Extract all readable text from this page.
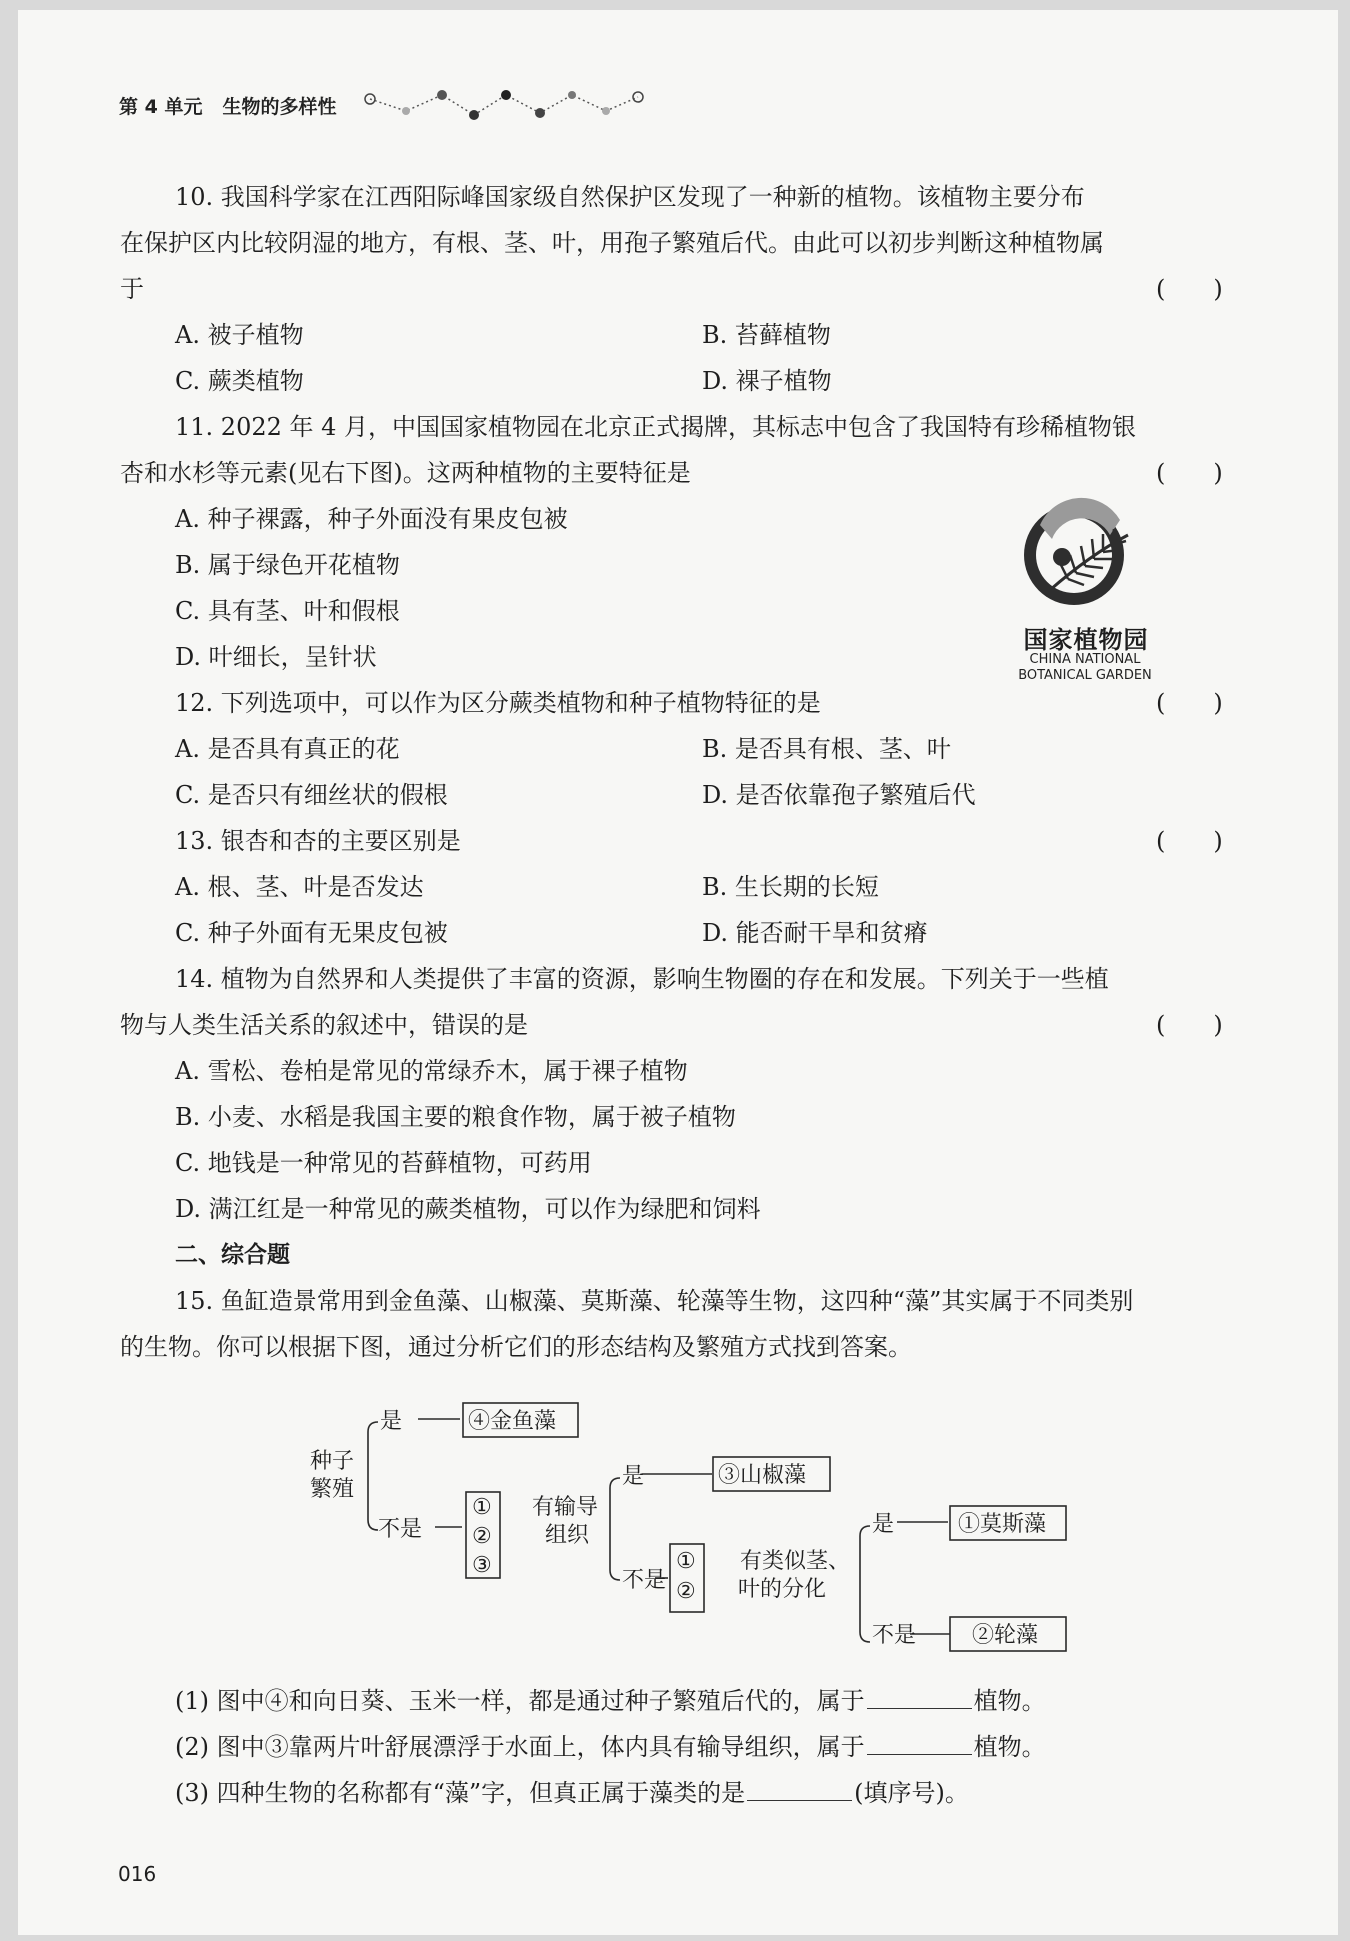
第 4 单元 生物的多样性
10. 我国科学家在江西阳际峰国家级自然保护区发现了一种新的植物。该植物主要分布
在保护区内比较阴湿的地方，有根、茎、叶，用孢子繁殖后代。由此可以初步判断这种植物属
于	(　　)
A. 被子植物	B. 苔藓植物
C. 蕨类植物	D. 裸子植物
11. 2022 年 4 月，中国国家植物园在北京正式揭牌，其标志中包含了我国特有珍稀植物银
杏和水杉等元素(见右下图)。这两种植物的主要特征是	(　　)
A. 种子裸露，种子外面没有果皮包被
B. 属于绿色开花植物
C. 具有茎、叶和假根
D. 叶细长，呈针状
国家植物园
CHINA NATIONAL
BOTANICAL GARDEN
12. 下列选项中，可以作为区分蕨类植物和种子植物特征的是	(　　)
A. 是否具有真正的花	B. 是否具有根、茎、叶
C. 是否只有细丝状的假根	D. 是否依靠孢子繁殖后代
13. 银杏和杏的主要区别是	(　　)
A. 根、茎、叶是否发达	B. 生长期的长短
C. 种子外面有无果皮包被	D. 能否耐干旱和贫瘠
14. 植物为自然界和人类提供了丰富的资源，影响生物圈的存在和发展。下列关于一些植
物与人类生活关系的叙述中，错误的是	(　　)
A. 雪松、卷柏是常见的常绿乔木，属于裸子植物
B. 小麦、水稻是我国主要的粮食作物，属于被子植物
C. 地钱是一种常见的苔藓植物，可药用
D. 满江红是一种常见的蕨类植物，可以作为绿肥和饲料
二、综合题
15. 鱼缸造景常用到金鱼藻、山椒藻、莫斯藻、轮藻等生物，这四种“藻”其实属于不同类别
的生物。你可以根据下图，通过分析它们的形态结构及繁殖方式找到答案。
种子
繁殖
是
不是
④金鱼藻
①
②
③
有输导
组织
是
不是
③山椒藻
①
②
有类似茎、
叶的分化
是
不是
①莫斯藻
②轮藻
(1) 图中④和向日葵、玉米一样，都是通过种子繁殖后代的，属于	植物。
(2) 图中③靠两片叶舒展漂浮于水面上，体内具有输导组织，属于	植物。
(3) 四种生物的名称都有“藻”字，但真正属于藻类的是	(填序号)。
016
